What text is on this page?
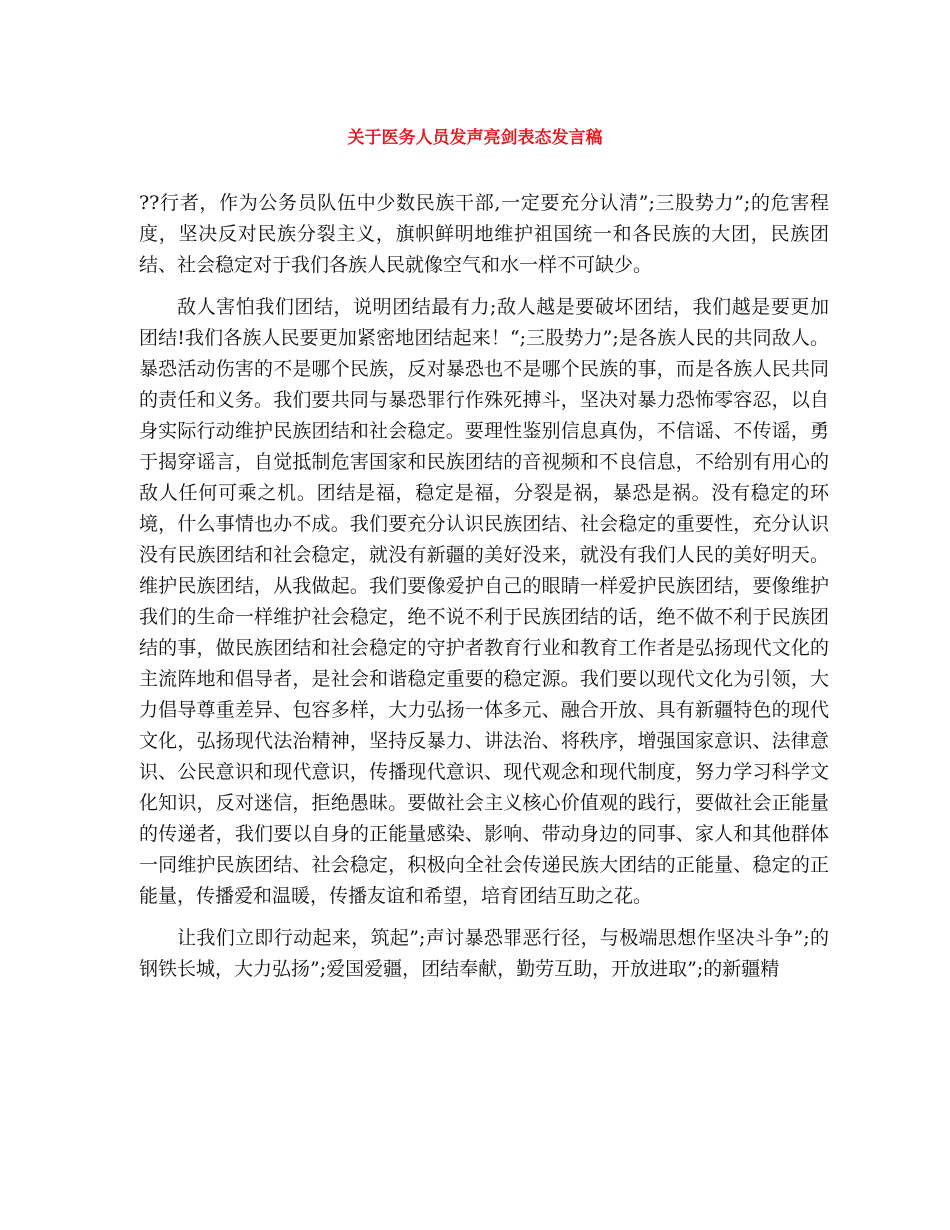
关于医务人员发声亮剑表态发言稿

??行者，作为公务员队伍中少数民族干部,一定要充分认清”;三股势力”;的危害程度，坚决反对民族分裂主义，旗帜鲜明地维护祖国统一和各民族的大团，民族团结、社会稳定对于我们各族人民就像空气和水一样不可缺少。

敌人害怕我们团结，说明团结最有力;敌人越是要破坏团结，我们越是要更加团结!我们各族人民要更加紧密地团结起来！“;三股势力”;是各族人民的共同敌人。暴恐活动伤害的不是哪个民族，反对暴恐也不是哪个民族的事，而是各族人民共同的责任和义务。我们要共同与暴恐罪行作殊死搏斗，坚决对暴力恐怖零容忍，以自身实际行动维护民族团结和社会稳定。要理性鉴别信息真伪，不信谣、不传谣，勇于揭穿谣言，自觉抵制危害国家和民族团结的音视频和不良信息，不给别有用心的敌人任何可乘之机。团结是福，稳定是福，分裂是祸，暴恐是祸。没有稳定的环境，什么事情也办不成。我们要充分认识民族团结、社会稳定的重要性，充分认识没有民族团结和社会稳定，就没有新疆的美好没来，就没有我们人民的美好明天。维护民族团结，从我做起。我们要像爱护自己的眼睛一样爱护民族团结，要像维护我们的生命一样维护社会稳定，绝不说不利于民族团结的话，绝不做不利于民族团结的事，做民族团结和社会稳定的守护者教育行业和教育工作者是弘扬现代文化的主流阵地和倡导者，是社会和谐稳定重要的稳定源。我们要以现代文化为引领，大力倡导尊重差异、包容多样，大力弘扬一体多元、融合开放、具有新疆特色的现代文化，弘扬现代法治精神，坚持反暴力、讲法治、将秩序，增强国家意识、法律意识、公民意识和现代意识，传播现代意识、现代观念和现代制度，努力学习科学文化知识，反对迷信，拒绝愚昧。要做社会主义核心价值观的践行，要做社会正能量的传递者，我们要以自身的正能量感染、影响、带动身边的同事、家人和其他群体一同维护民族团结、社会稳定，积极向全社会传递民族大团结的正能量、稳定的正能量，传播爱和温暖，传播友谊和希望，培育团结互助之花。

让我们立即行动起来，筑起”;声讨暴恐罪恶行径，与极端思想作坚决斗争”;的钢铁长城，大力弘扬”;爱国爱疆，团结奉献，勤劳互助，开放进取”;的新疆精
